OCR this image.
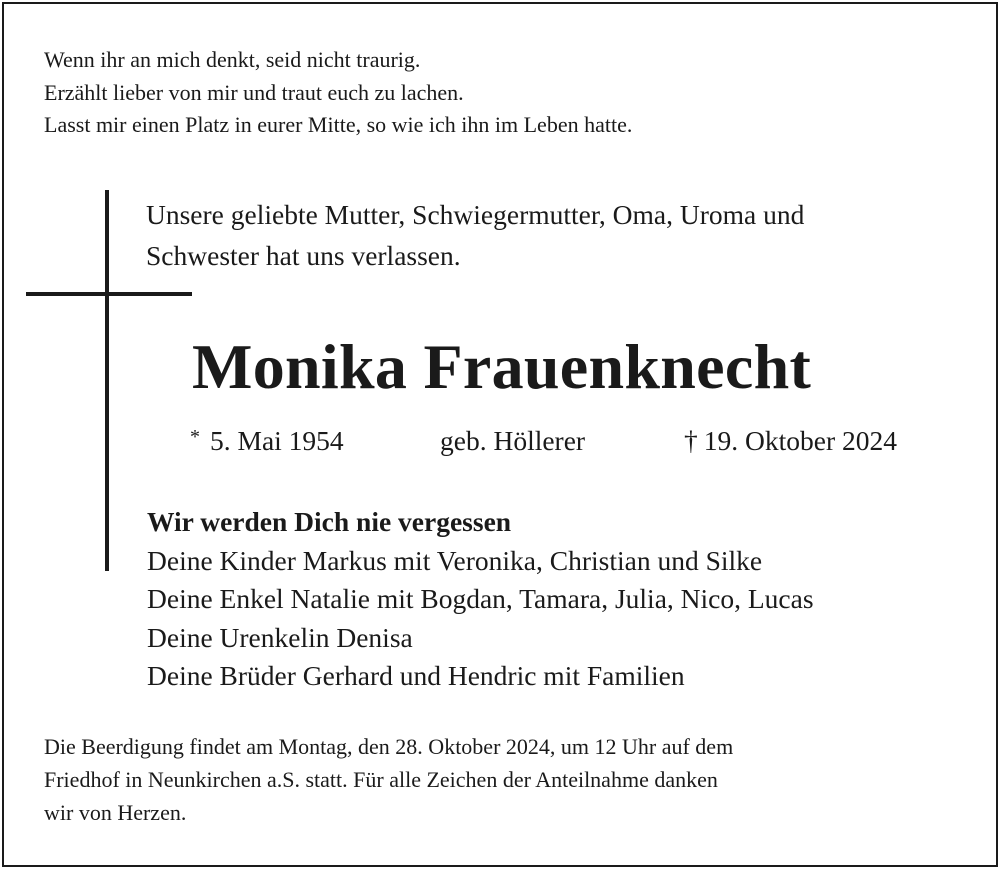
Wenn ihr an mich denkt, seid nicht traurig.
Erzählt lieber von mir und traut euch zu lachen.
Lasst mir einen Platz in eurer Mitte, so wie ich ihn im Leben hatte.
Unsere geliebte Mutter, Schwiegermutter, Oma, Uroma und
Schwester hat uns verlassen.
Monika Frauenknecht
* 5. Mai 1954	geb. Höllerer	† 19. Oktober 2024
Wir werden Dich nie vergessen
Deine Kinder Markus mit Veronika, Christian und Silke
Deine Enkel Natalie mit Bogdan, Tamara, Julia, Nico, Lucas
Deine Urenkelin Denisa
Deine Brüder Gerhard und Hendric mit Familien
Die Beerdigung findet am Montag, den 28. Oktober 2024, um 12 Uhr auf dem
Friedhof in Neunkirchen a.S. statt. Für alle Zeichen der Anteilnahme danken
wir von Herzen.
